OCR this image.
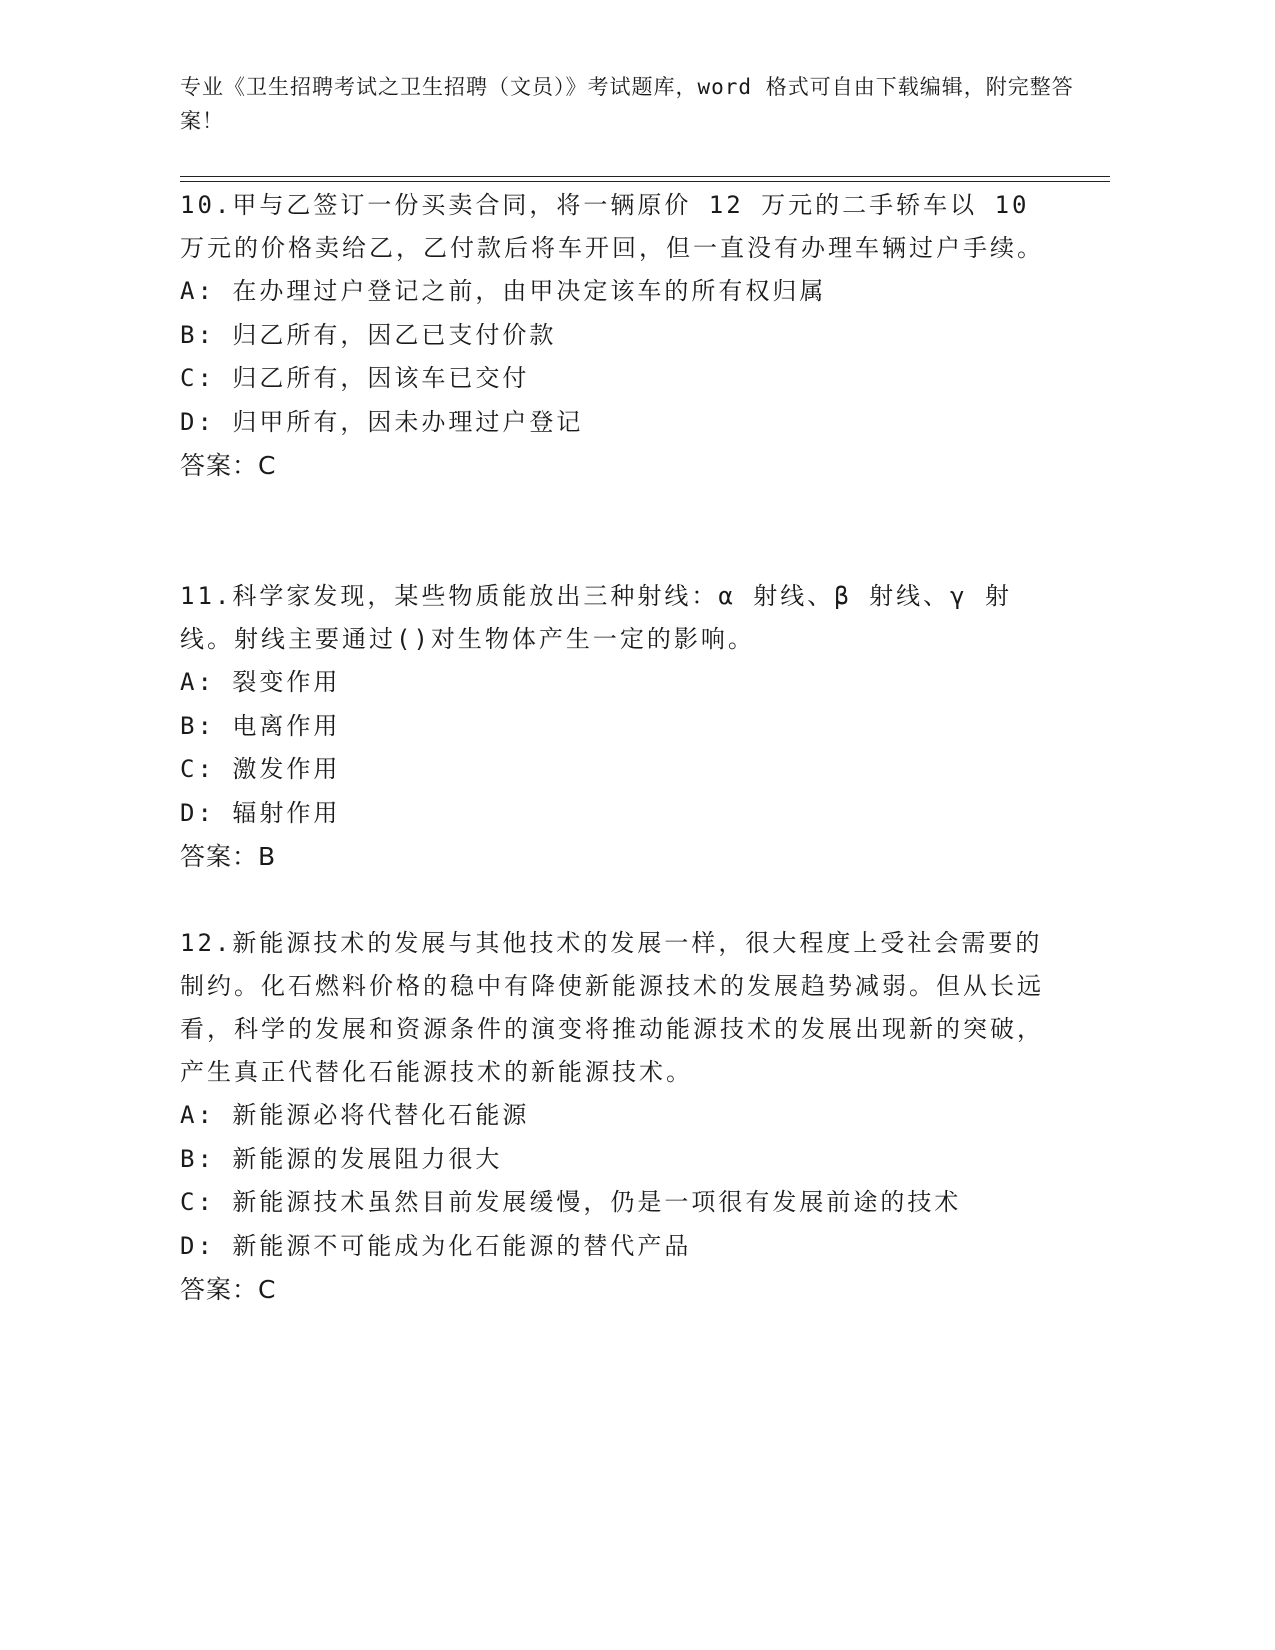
专业《卫生招聘考试之卫生招聘（文员）》考试题库，word 格式可自由下载编辑，附完整答案！

10.甲与乙签订一份买卖合同，将一辆原价 12 万元的二手轿车以 10 万元的价格卖给乙，乙付款后将车开回，但一直没有办理车辆过户手续。

A: 在办理过户登记之前，由甲决定该车的所有权归属

B: 归乙所有，因乙已支付价款

C: 归乙所有，因该车已交付

D: 归甲所有，因未办理过户登记

答案：C

11.科学家发现，某些物质能放出三种射线：α 射线、β 射线、γ 射线。射线主要通过()对生物体产生一定的影响。

A: 裂变作用

B: 电离作用

C: 激发作用

D: 辐射作用

答案：B

12.新能源技术的发展与其他技术的发展一样，很大程度上受社会需要的制约。化石燃料价格的稳中有降使新能源技术的发展趋势减弱。但从长远看，科学的发展和资源条件的演变将推动能源技术的发展出现新的突破，产生真正代替化石能源技术的新能源技术。

A: 新能源必将代替化石能源

B: 新能源的发展阻力很大

C: 新能源技术虽然目前发展缓慢，仍是一项很有发展前途的技术

D: 新能源不可能成为化石能源的替代产品

答案：C
